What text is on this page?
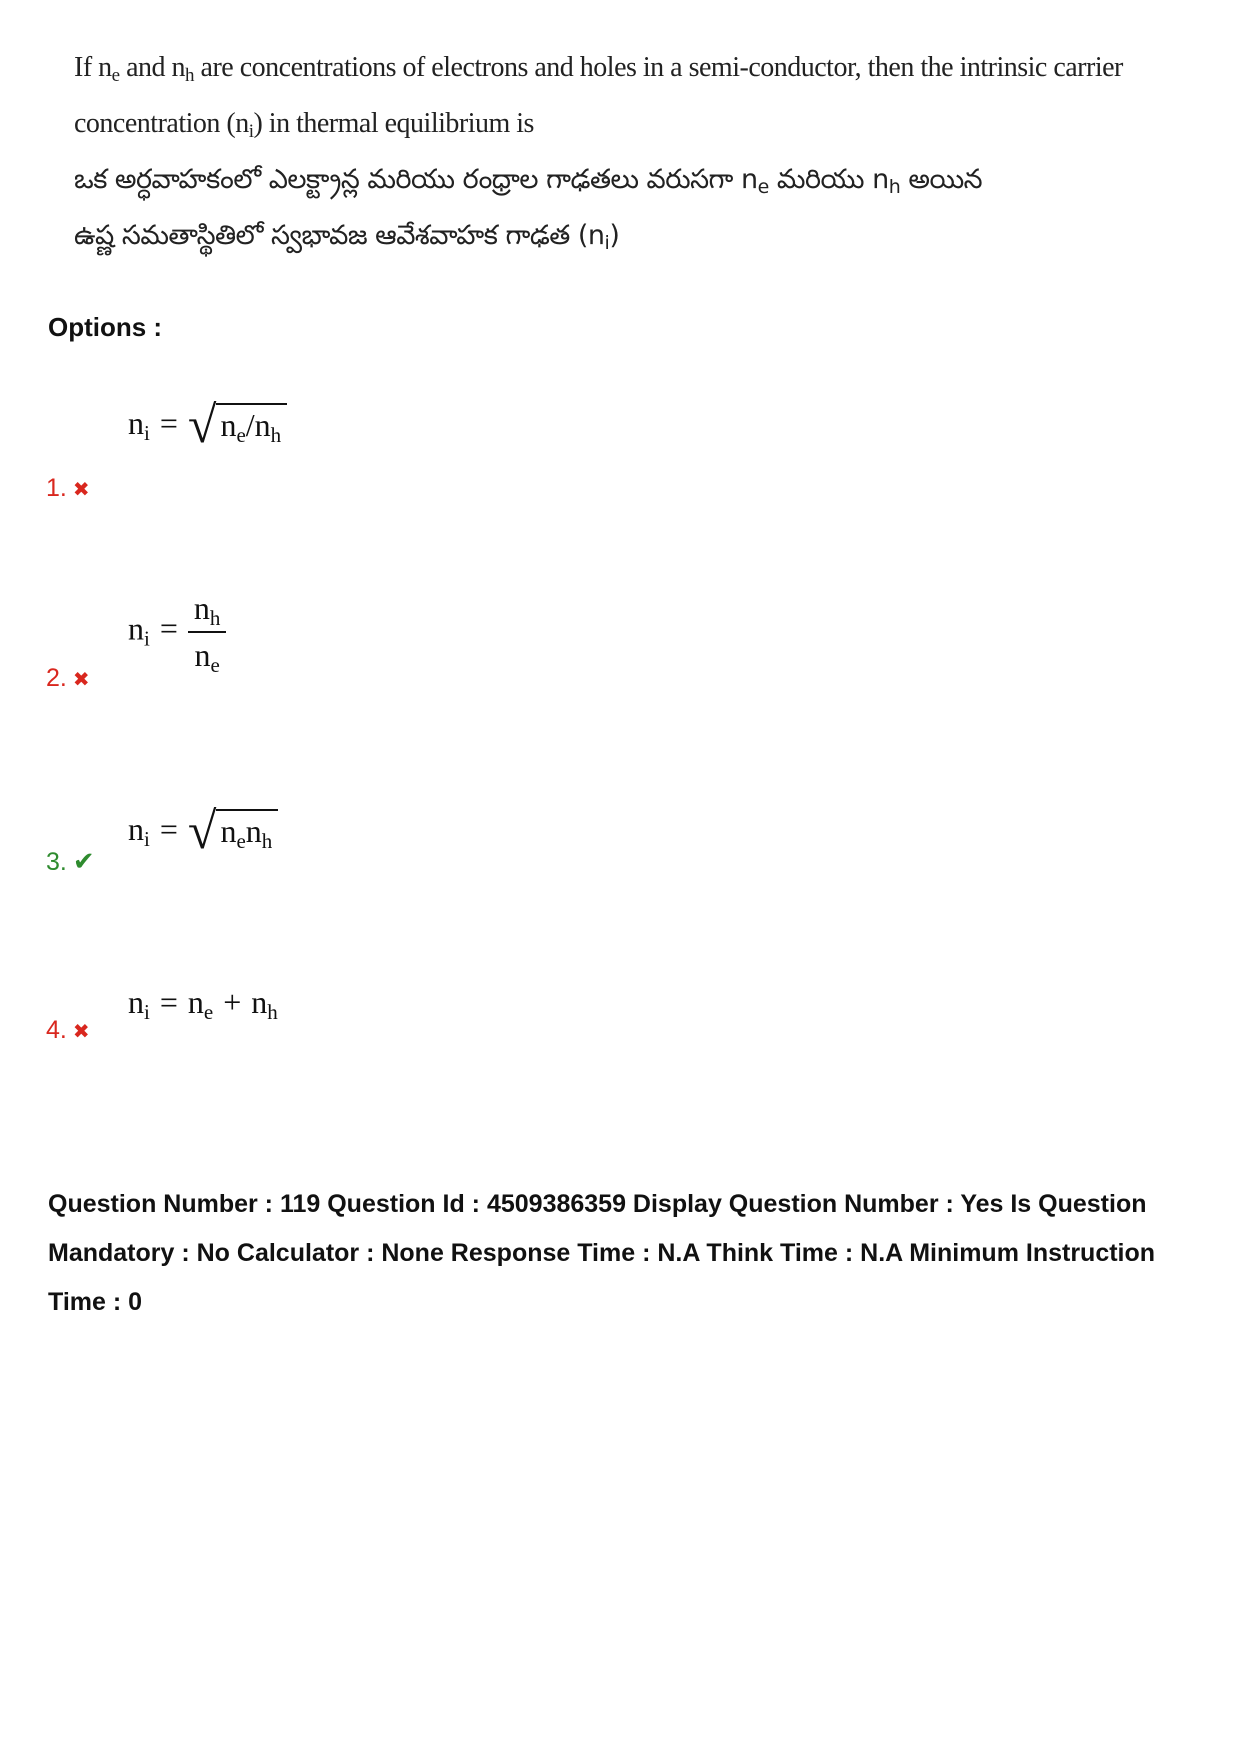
If $n_e$ and $n_h$ are concentrations of electrons and holes in a semi-conductor, then the intrinsic carrier
concentration $(n_i)$ in thermal equilibrium is
ఒక అర్ధవాహకంలో ఎలక్ట్రాన్ల మరియు రంధ్రాల గాఢతలు వరుసగా $n_e$ మరియు $n_h$ అయిన
ఉష్ణ సమతాస్థితిలో స్వభావజ ఆవేశవాహక గాఢత $(n_i)$
Options :
$n_i$ = √ $n_e/n_h$
1. ✖
$n_i = \frac{n_h}{n_e}$
2. ✖
$n_i$ = √ $n_en_h$
3. ✔
$n_i = n_e + n_h$
4. ✖
Question Number : 119 Question Id : 4509386359 Display Question Number : Yes Is Question Mandatory : No Calculator : None Response Time : N.A Think Time : N.A Minimum Instruction Time : 0
